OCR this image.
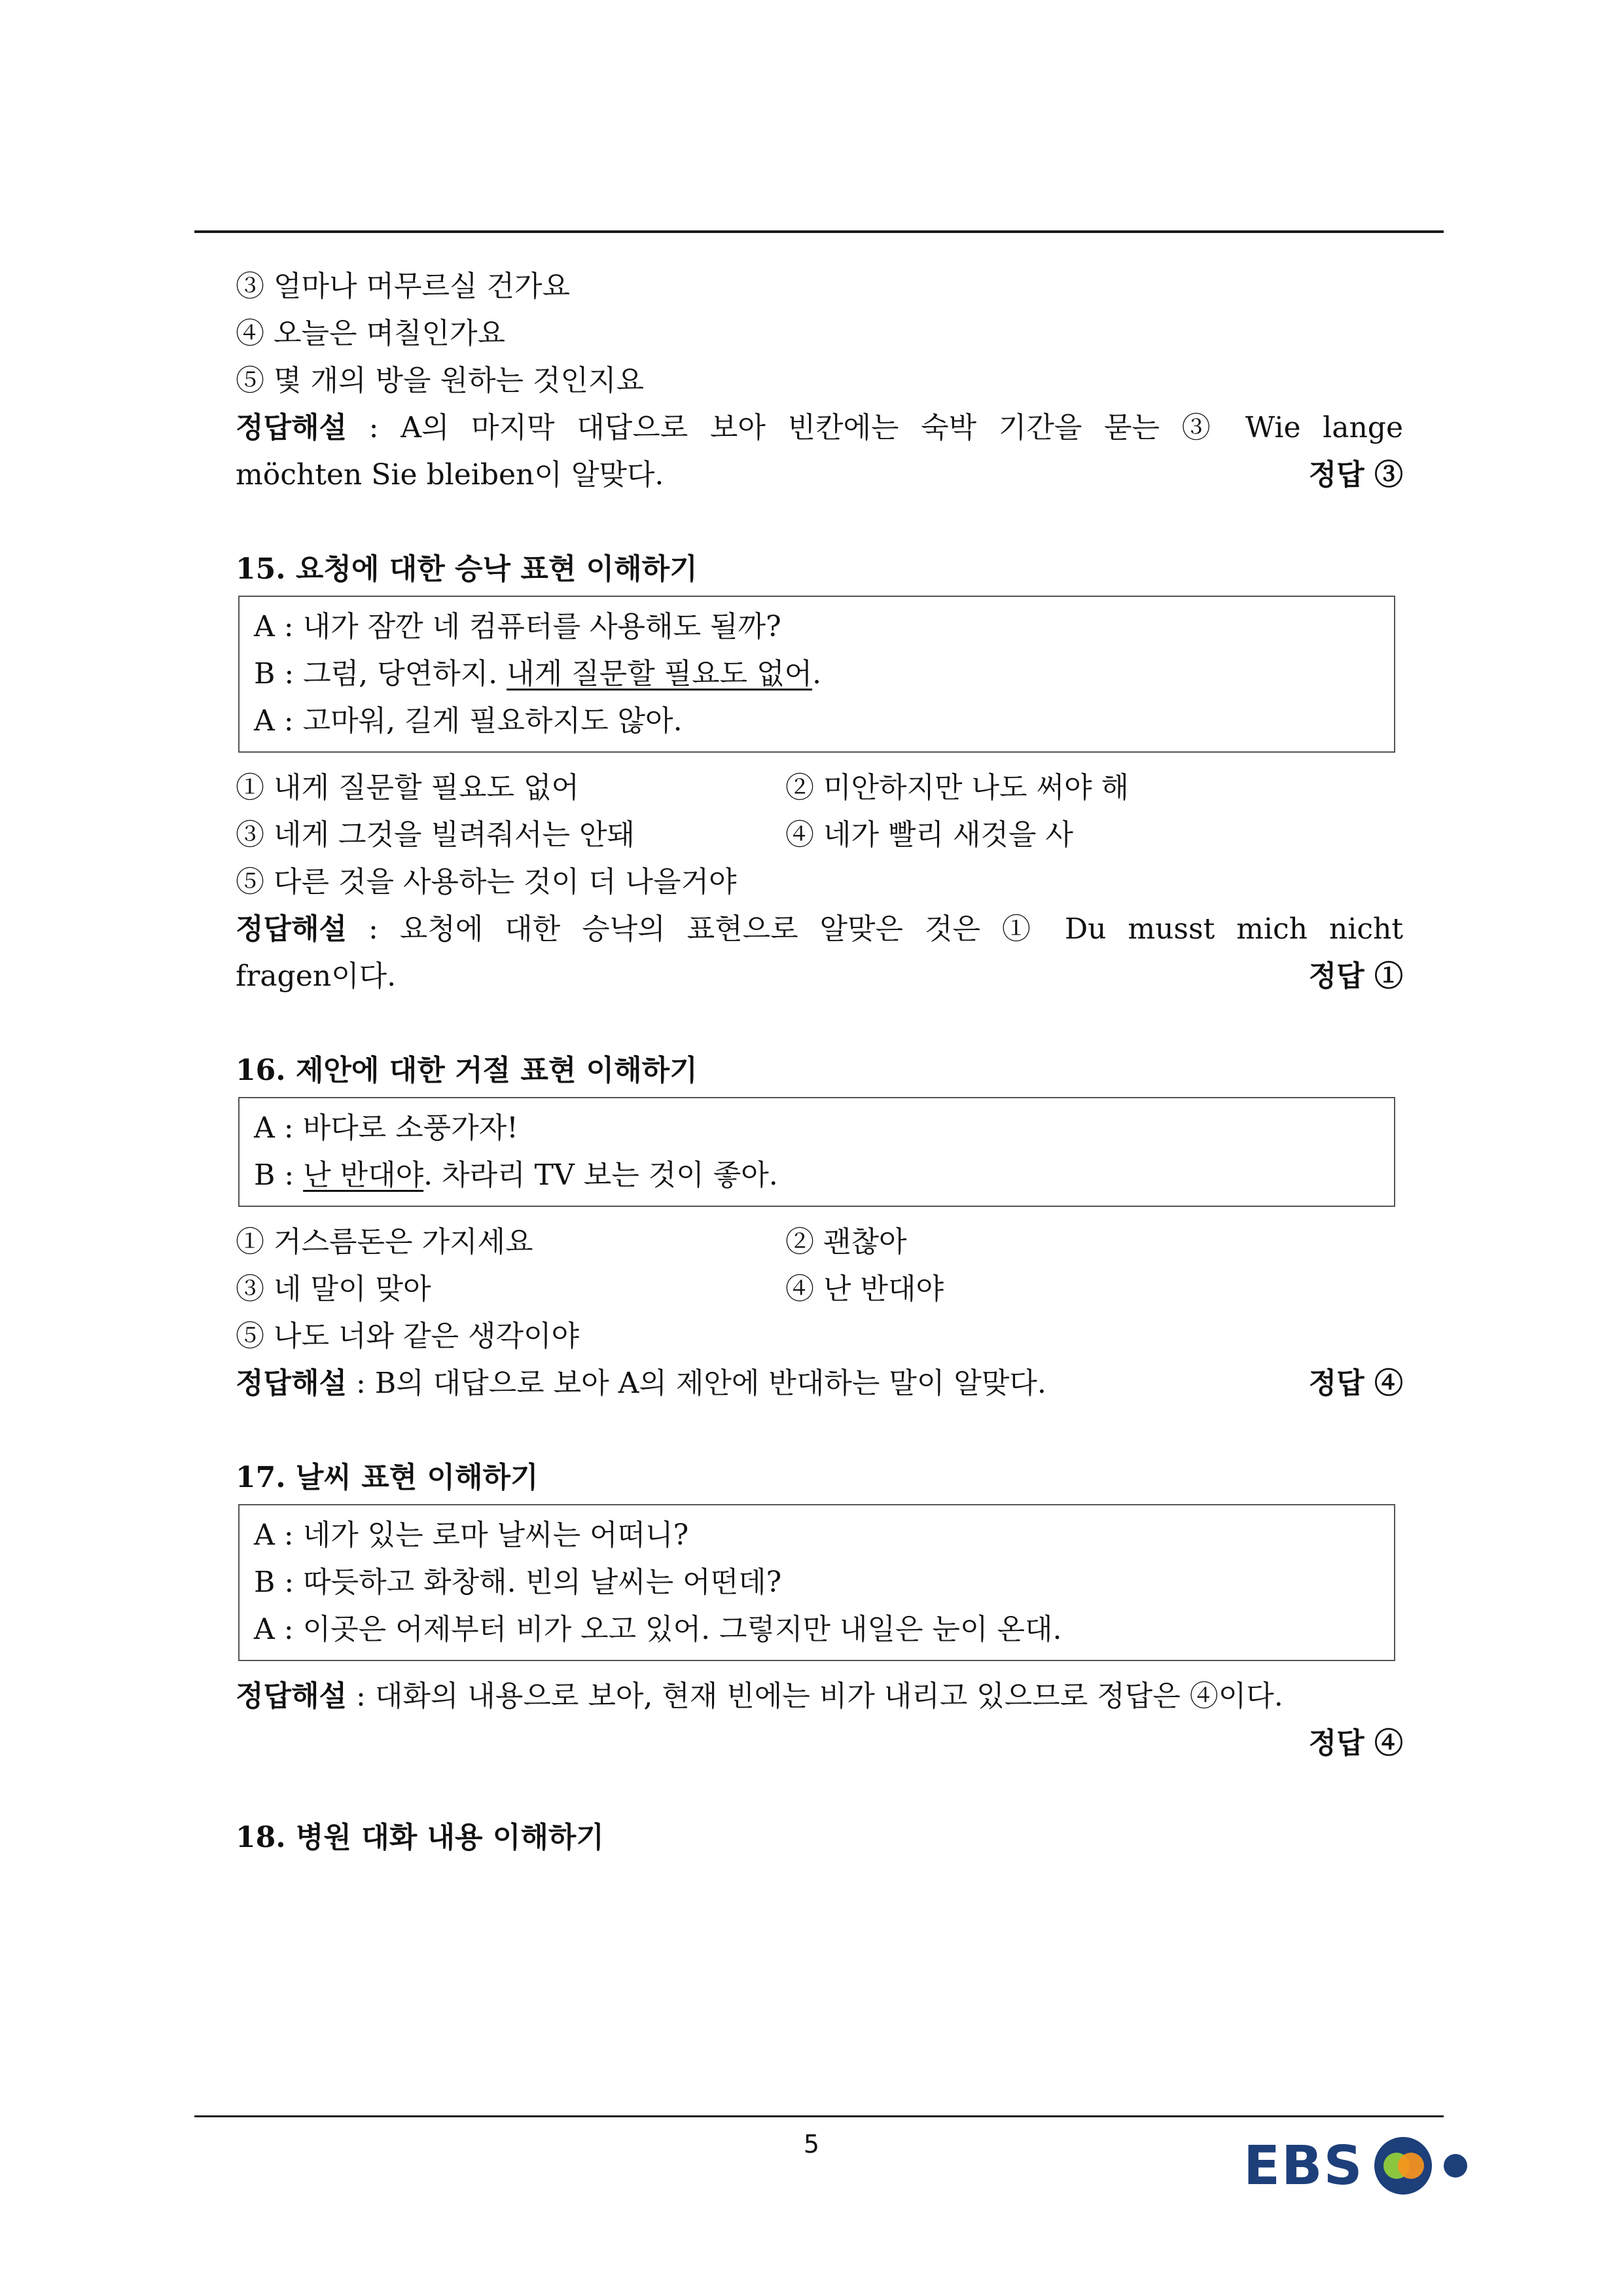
③ 얼마나 머무르실 건가요
④ 오늘은 며칠인가요
⑤ 몇 개의 방을 원하는 것인지요
정답해설 : A의 마지막 대답으로 보아 빈칸에는 숙박 기간을 묻는 ③ Wie lange
möchten Sie bleiben이 알맞다.	정답 ③
15. 요청에 대한 승낙 표현 이해하기
A : 내가 잠깐 네 컴퓨터를 사용해도 될까?
B : 그럼, 당연하지. 내게 질문할 필요도 없어.
A : 고마워, 길게 필요하지도 않아.
① 내게 질문할 필요도 없어	② 미안하지만 나도 써야 해
③ 네게 그것을 빌려줘서는 안돼	④ 네가 빨리 새것을 사
⑤ 다른 것을 사용하는 것이 더 나을거야
정답해설 : 요청에 대한 승낙의 표현으로 알맞은 것은 ① Du musst mich nicht
fragen이다.	정답 ①
16. 제안에 대한 거절 표현 이해하기
A : 바다로 소풍가자!
B : 난 반대야. 차라리 TV 보는 것이 좋아.
① 거스름돈은 가지세요	② 괜찮아
③ 네 말이 맞아	④ 난 반대야
⑤ 나도 너와 같은 생각이야
정답해설 : B의 대답으로 보아 A의 제안에 반대하는 말이 알맞다.	정답 ④
17. 날씨 표현 이해하기
A : 네가 있는 로마 날씨는 어떠니?
B : 따듯하고 화창해. 빈의 날씨는 어떤데?
A : 이곳은 어제부터 비가 오고 있어. 그렇지만 내일은 눈이 온대.
정답해설 : 대화의 내용으로 보아, 현재 빈에는 비가 내리고 있으므로 정답은 ④이다.
정답 ④
18. 병원 대화 내용 이해하기
5	EBS
